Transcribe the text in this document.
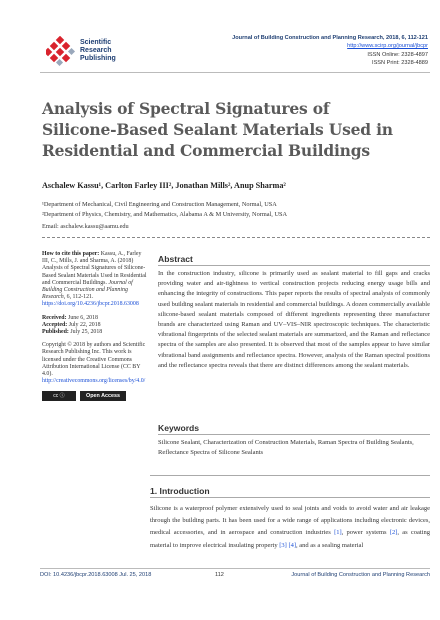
Scientific
Research
Publishing
Journal of Building Construction and Planning Research, 2018, 6, 112-121
http://www.scirp.org/journal/jbcpr
ISSN Online: 2328-4897
ISSN Print: 2328-4889
Analysis of Spectral Signatures of Silicone-Based Sealant Materials Used in Residential and Commercial Buildings
Aschalew Kassu¹, Carlton Farley III², Jonathan Mills², Anup Sharma²
¹Department of Mechanical, Civil Engineering and Construction Management, Normal, USA
²Department of Physics, Chemistry, and Mathematics, Alabama A & M University, Normal, USA
Email: aschalew.kassu@aamu.edu

How to cite this paper: Kassu, A., Farley III, C., Mills, J. and Sharma, A. (2018) Analysis of Spectral Signatures of Silicone-Based Sealant Materials Used in Residential and Commercial Buildings. Journal of Building Construction and Planning Research, 6, 112-121. https://doi.org/10.4236/jbcpr.2018.63008

Received: June 6, 2018
Accepted: July 22, 2018
Published: July 25, 2018

Copyright © 2018 by authors and Scientific Research Publishing Inc. This work is licensed under the Creative Commons Attribution International License (CC BY 4.0).
http://creativecommons.org/licenses/by/4.0/

cc ⓘ	Open Access
Abstract
In the construction industry, silicone is primarily used as sealant material to fill gaps and cracks providing water and air-tightness to vertical construction projects reducing energy usage bills and enhancing the integrity of constructions. This paper reports the results of spectral analysis of commonly used building sealant materials in residential and commercial buildings. A dozen commercially available silicone-based sealant materials composed of different ingredients representing three manufacturer brands are characterized using Raman and UV–VIS–NIR spectroscopic techniques. The characteristic vibrational fingerprints of the selected sealant materials are summarized, and the Raman and reflectance spectra of the samples are also presented. It is observed that most of the samples appear to have similar vibrational band assignments and reflectance spectra. However, analysis of the Raman spectral positions and the reflectance spectra reveals that there are distinct differences among the sealant materials.
Keywords
Silicone Sealant, Characterization of Construction Materials, Raman Spectra of Building Sealants, Reflectance Spectra of Silicone Sealants
1. Introduction
Silicone is a waterproof polymer extensively used to seal joints and voids to avoid water and air leakage through the building parts. It has been used for a wide range of applications including electronic devices, medical accessories, and in aerospace and construction industries [1], power systems [2], as coating material to improve electrical insulating property [3] [4], and as a sealing material
DOI: 10.4236/jbcpr.2018.63008 Jul. 25, 2018	112	Journal of Building Construction and Planning Research
